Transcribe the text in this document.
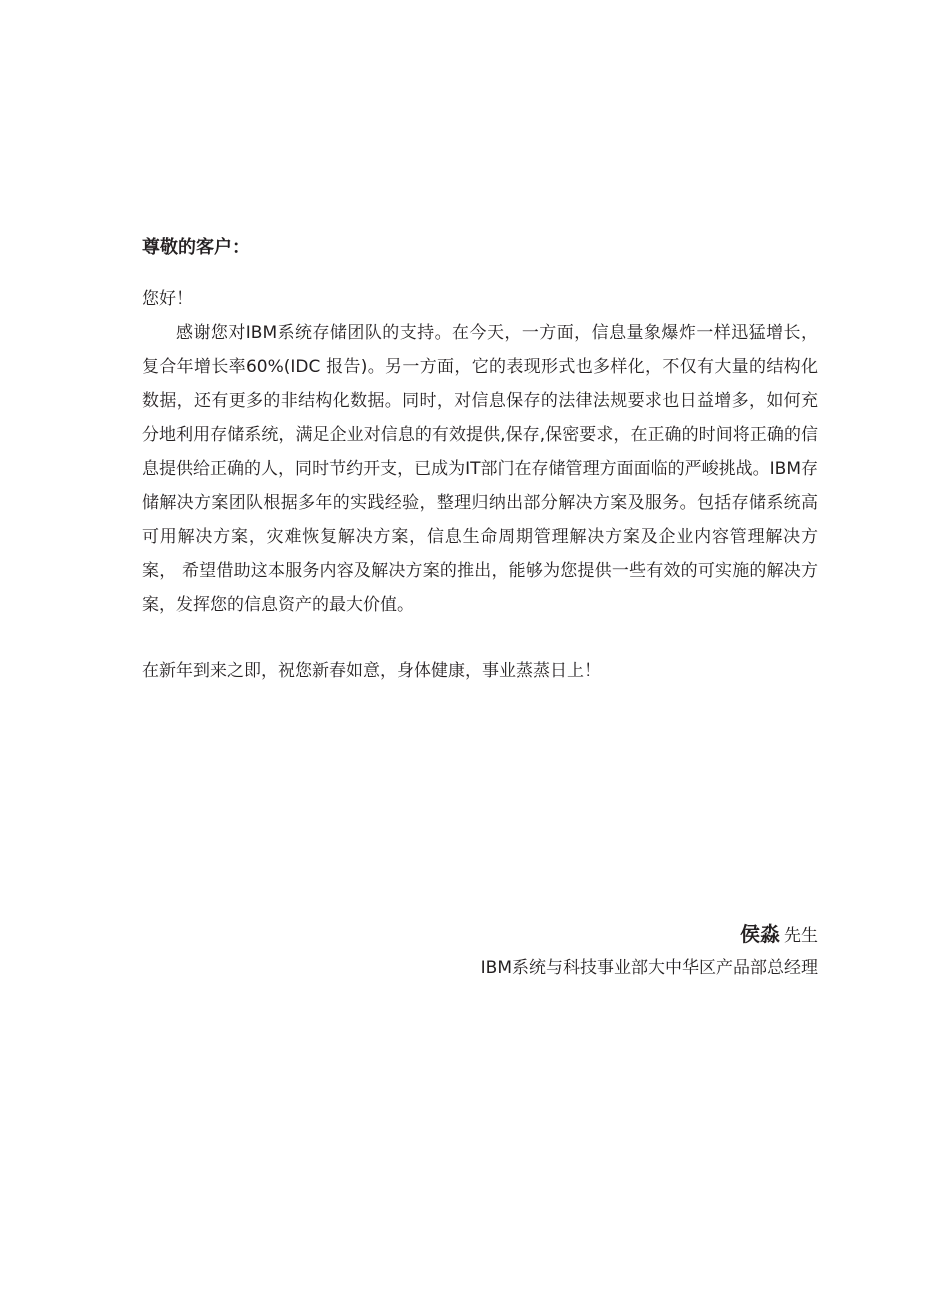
尊敬的客户：
您好！

感谢您对IBM系统存储团队的支持。在今天，一方面，信息量象爆炸一样迅猛增长，复合年增长率60%(IDC 报告)。另一方面，它的表现形式也多样化，不仅有大量的结构化数据，还有更多的非结构化数据。同时，对信息保存的法律法规要求也日益增多，如何充分地利用存储系统，满足企业对信息的有效提供,保存,保密要求，在正确的时间将正确的信息提供给正确的人，同时节约开支，已成为IT部门在存储管理方面面临的严峻挑战。IBM存储解决方案团队根据多年的实践经验，整理归纳出部分解决方案及服务。包括存储系统高可用解决方案，灾难恢复解决方案，信息生命周期管理解决方案及企业内容管理解决方案， 希望借助这本服务内容及解决方案的推出，能够为您提供一些有效的可实施的解决方案，发挥您的信息资产的最大价值。

在新年到来之即，祝您新春如意，身体健康，事业蒸蒸日上！
侯淼 先生
IBM系统与科技事业部大中华区产品部总经理
